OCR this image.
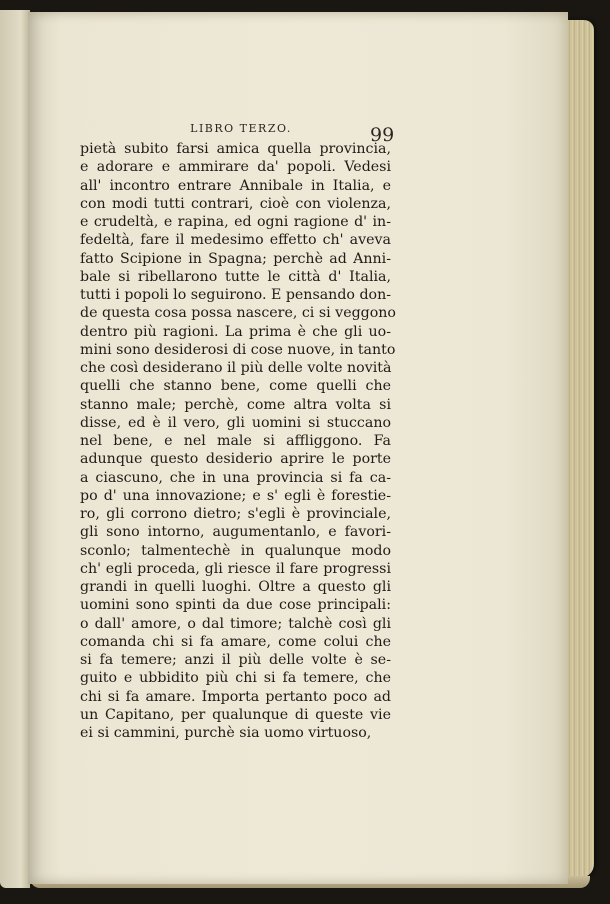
LIBRO TERZO.	99
pietà subito farsi amica quella provincia,
e adorare e ammirare da' popoli. Vedesi
all' incontro entrare Annibale in Italia, e
con modi tutti contrari, cioè con violenza,
e crudeltà, e rapina, ed ogni ragione d' in-
fedeltà, fare il medesimo effetto ch' aveva
fatto Scipione in Spagna; perchè ad Anni-
bale si ribellarono tutte le città d' Italia,
tutti i popoli lo seguirono. E pensando don-
de questa cosa possa nascere, ci si veggono
dentro più ragioni. La prima è che gli uo-
mini sono desiderosi di cose nuove, in tanto
che così desiderano il più delle volte novità
quelli che stanno bene, come quelli che
stanno male; perchè, come altra volta si
disse, ed è il vero, gli uomini si stuccano
nel bene, e nel male si affliggono. Fa
adunque questo desiderio aprire le porte
a ciascuno, che in una provincia si fa ca-
po d' una innovazione; e s' egli è forestie-
ro, gli corrono dietro; s'egli è provinciale,
gli sono intorno, augumentanlo, e favori-
sconlo; talmentechè in qualunque modo
ch' egli proceda, gli riesce il fare progressi
grandi in quelli luoghi. Oltre a questo gli
uomini sono spinti da due cose principali:
o dall' amore, o dal timore; talchè così gli
comanda chi si fa amare, come colui che
si fa temere; anzi il più delle volte è se-
guito e ubbidito più chi si fa temere, che
chi si fa amare. Importa pertanto poco ad
un Capitano, per qualunque di queste vie
ei si cammini, purchè sia uomo virtuoso,
